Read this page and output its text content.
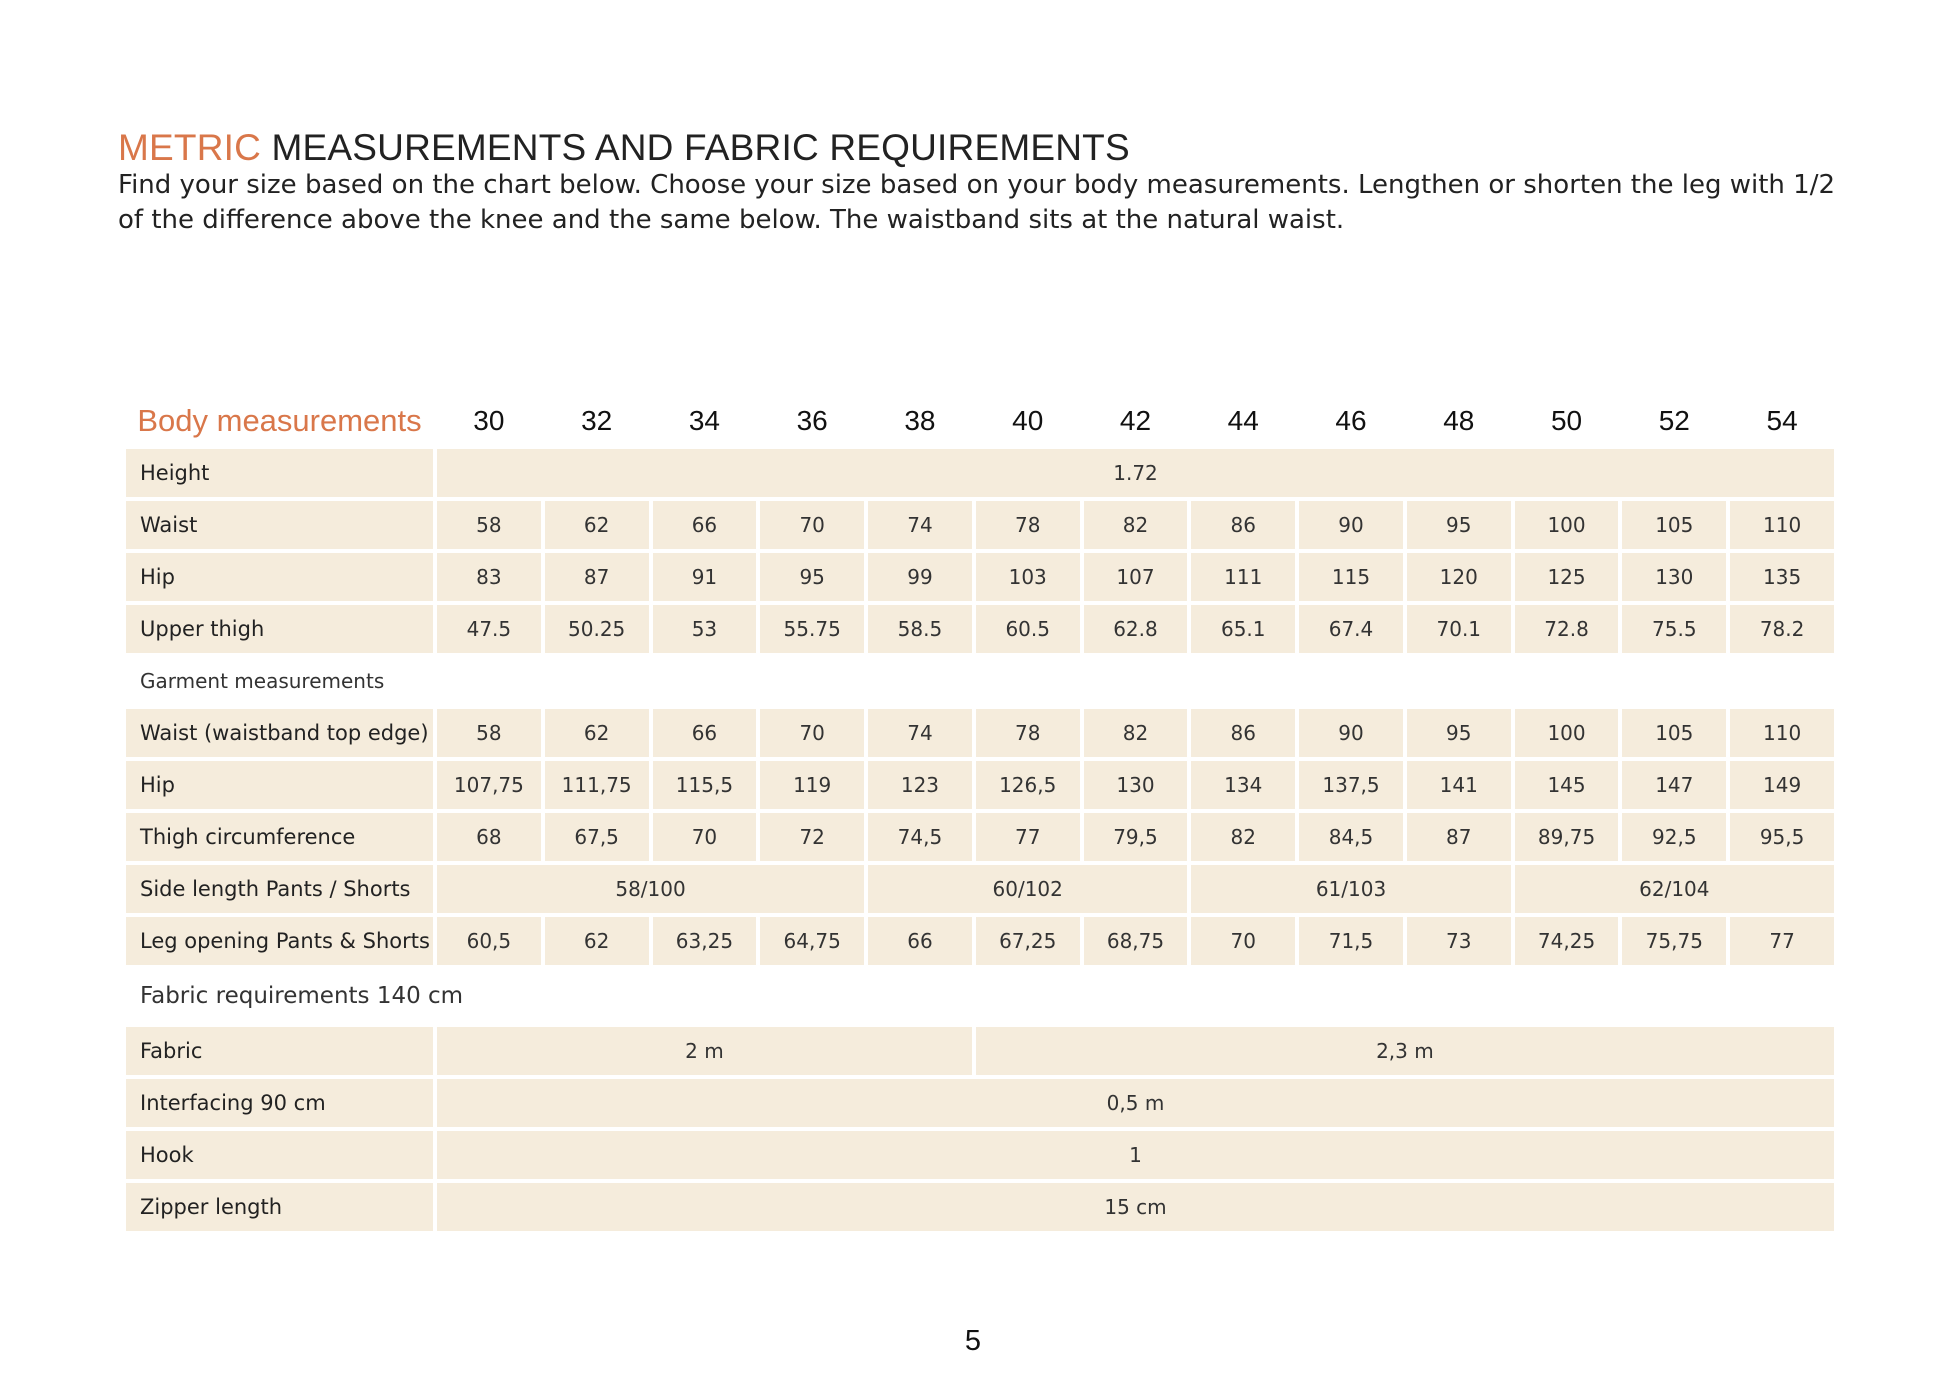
METRIC MEASUREMENTS AND FABRIC REQUIREMENTS

Find your size based on the chart below. Choose your size based on your body measurements. Lengthen or shorten the leg with 1/2 of the difference above the knee and the same below. The waistband sits at the natural waist.

Body measurements	30	32	34	36	38	40	42	44	46	48	50	52	54
Height	1.72												
Waist	58	62	66	70	74	78	82	86	90	95	100	105	110
Hip	83	87	91	95	99	103	107	111	115	120	125	130	135
Upper thigh	47.5	50.25	53	55.75	58.5	60.5	62.8	65.1	67.4	70.1	72.8	75.5	78.2
Garment measurements													
Waist (waistband top edge)	58	62	66	70	74	78	82	86	90	95	100	105	110
Hip	107,75	111,75	115,5	119	123	126,5	130	134	137,5	141	145	147	149
Thigh circumference	68	67,5	70	72	74,5	77	79,5	82	84,5	87	89,75	92,5	95,5
Side length Pants / Shorts	58/100				60/102			61/103			62/104		
Leg opening Pants & Shorts	60,5	62	63,25	64,75	66	67,25	68,75	70	71,5	73	74,25	75,75	77
Fabric requirements 140 cm													
Fabric	2 m					2,3 m							
Interfacing 90 cm	0,5 m												
Hook	1												
Zipper length	15 cm												
5
